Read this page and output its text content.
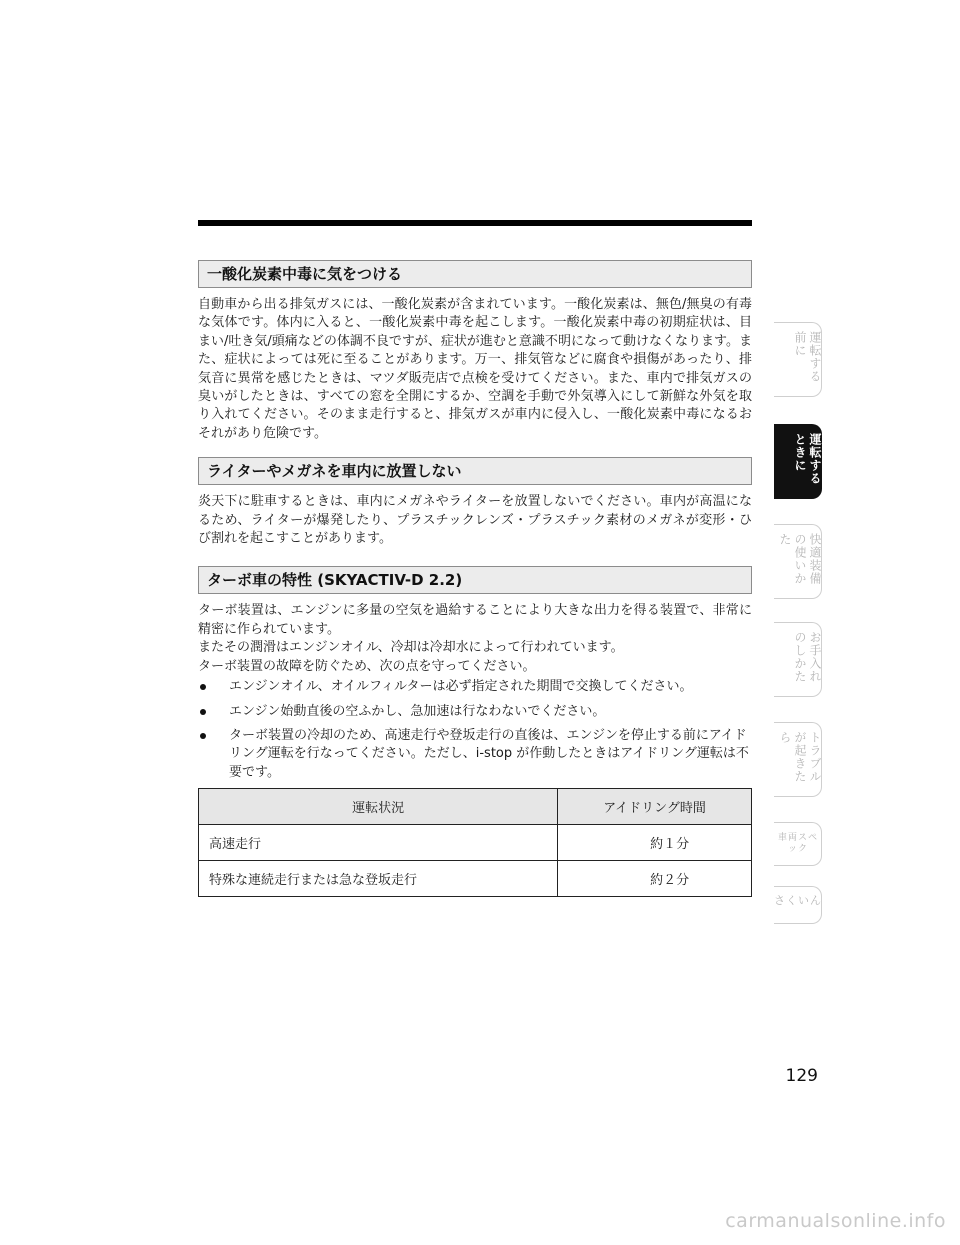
一酸化炭素中毒に気をつける

自動車から出る排気ガスには、一酸化炭素が含まれています。一酸化炭素は、無色/無臭の有毒な気体です。体内に入ると、一酸化炭素中毒を起こします。一酸化炭素中毒の初期症状は、目まい/吐き気/頭痛などの体調不良ですが、症状が進むと意識不明になって動けなくなります。また、症状によっては死に至ることがあります。万一、排気管などに腐食や損傷があったり、排気音に異常を感じたときは、マツダ販売店で点検を受けてください。また、車内で排気ガスの臭いがしたときは、すべての窓を全開にするか、空調を手動で外気導入にして新鮮な外気を取り入れてください。そのまま走行すると、排気ガスが車内に侵入し、一酸化炭素中毒になるおそれがあり危険です。

ライターやメガネを車内に放置しない

炎天下に駐車するときは、車内にメガネやライターを放置しないでください。車内が高温になるため、ライターが爆発したり、プラスチックレンズ・プラスチック素材のメガネが変形・ひび割れを起こすことがあります。

ターボ車の特性 (SKYACTIV-D 2.2)

ターボ装置は、エンジンに多量の空気を過給することにより大きな出力を得る装置で、非常に精密に作られています。

またその潤滑はエンジンオイル、冷却は冷却水によって行われています。

ターボ装置の故障を防ぐため、次の点を守ってください。

エンジンオイル、オイルフィルターは必ず指定された期間で交換してください。
エンジン始動直後の空ふかし、急加速は行なわないでください。
ターボ装置の冷却のため、高速走行や登坂走行の直後は、エンジンを停止する前にアイドリング運転を行なってください。ただし、i-stop が作動したときはアイドリング運転は不要です。
運転状況	アイドリング時間
高速走行	約１分
特殊な連続走行または急な登坂走行	約２分
運転する前に
運転するときに
快適装備の使いかた
お手入れのしかた
トラブルが起きたら
車両スペック
さくいん
129
carmanualsonline.info
